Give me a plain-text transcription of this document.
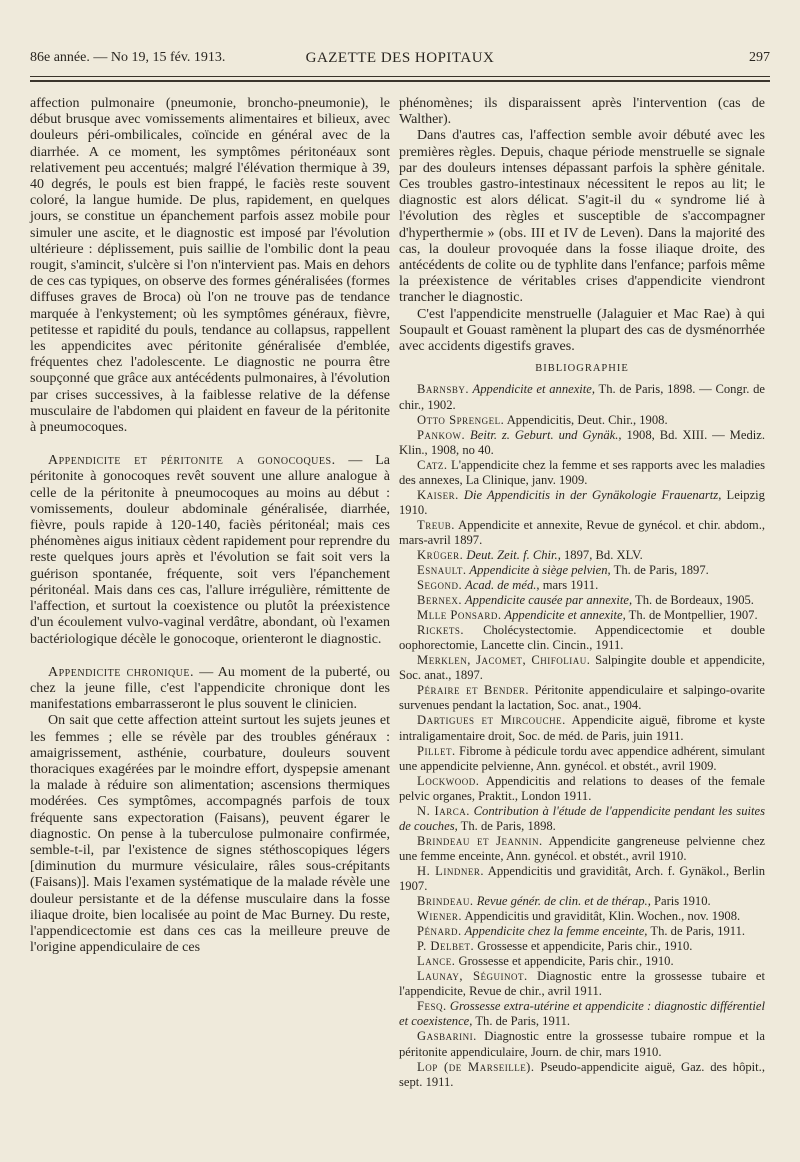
86e année. — No 19, 15 fév. 1913.	GAZETTE DES HOPITAUX	297

affection pulmonaire (pneumonie, broncho-pneumonie), le début brusque avec vomissements alimentaires et bilieux, avec douleurs péri-ombilicales, coïncide en général avec de la diarrhée. A ce moment, les symptômes péritonéaux sont relativement peu accentués; malgré l'élévation thermique à 39, 40 degrés, le pouls est bien frappé, le faciès reste souvent coloré, la langue humide. De plus, rapidement, en quelques jours, se constitue un épanchement parfois assez mobile pour simuler une ascite, et le diagnostic est imposé par l'évolution ultérieure : déplissement, puis saillie de l'ombilic dont la peau rougit, s'amincit, s'ulcère si l'on n'intervient pas. Mais en dehors de ces cas typiques, on observe des formes généralisées (formes diffuses graves de Broca) où l'on ne trouve pas de tendance marquée à l'enkystement; où les symptômes généraux, fièvre, petitesse et rapidité du pouls, tendance au collapsus, rappellent les appendicites avec péritonite généralisée d'emblée, fréquentes chez l'adolescente. Le diagnostic ne pourra être soupçonné que grâce aux antécédents pulmonaires, à l'évolution par crises successives, à la faiblesse relative de la défense musculaire de l'abdomen qui plaident en faveur de la péritonite à pneumocoques.

Appendicite et péritonite a gonocoques. — La péritonite à gonocoques revêt souvent une allure analogue à celle de la péritonite à pneumocoques au moins au début : vomissements, douleur abdominale généralisée, diarrhée, fièvre, pouls rapide à 120-140, faciès péritonéal; mais ces phénomènes aigus initiaux cèdent rapidement pour reprendre du reste quelques jours après et l'évolution se fait soit vers la guérison spontanée, fréquente, soit vers l'épanchement péritonéal. Mais dans ces cas, l'allure irrégulière, rémittente de l'affection, et surtout la coexistence ou plutôt la préexistence d'un écoulement vulvo-vaginal verdâtre, abondant, où l'examen bactériologique décèle le gonocoque, orienteront le diagnostic.

Appendicite chronique. — Au moment de la puberté, ou chez la jeune fille, c'est l'appendicite chronique dont les manifestations embarrasseront le plus souvent le clinicien.

On sait que cette affection atteint surtout les sujets jeunes et les femmes ; elle se révèle par des troubles généraux : amaigrissement, asthénie, courbature, douleurs souvent thoraciques exagérées par le moindre effort, dyspepsie amenant la malade à réduire son alimentation; ascensions thermiques modérées. Ces symptômes, accompagnés parfois de toux fréquente sans expectoration (Faisans), peuvent égarer le diagnostic. On pense à la tuberculose pulmonaire confirmée, semble-t-il, par l'existence de signes stéthoscopiques légers [diminution du murmure vésiculaire, râles sous-crépitants (Faisans)]. Mais l'examen systématique de la malade révèle une douleur persistante et de la défense musculaire dans la fosse iliaque droite, bien localisée au point de Mac Burney. Du reste, l'appendicectomie est dans ces cas la meilleure preuve de l'origine appendiculaire de ces

phénomènes; ils disparaissent après l'intervention (cas de Walther).

Dans d'autres cas, l'affection semble avoir débuté avec les premières règles. Depuis, chaque période menstruelle se signale par des douleurs intenses dépassant parfois la sphère génitale. Ces troubles gastro-intestinaux nécessitent le repos au lit; le diagnostic est alors délicat. S'agit-il du « syndrome lié à l'évolution des règles et susceptible de s'accompagner d'hyperthermie » (obs. III et IV de Leven). Dans la majorité des cas, la douleur provoquée dans la fosse iliaque droite, des antécédents de colite ou de typhlite dans l'enfance; parfois même la préexistence de véritables crises d'appendicite viendront trancher le diagnostic.

C'est l'appendicite menstruelle (Jalaguier et Mac Rae) à qui Soupault et Gouast ramènent la plupart des cas de dysménorrhée avec accidents digestifs graves.

BIBLIOGRAPHIE

Barnsby. Appendicite et annexite, Th. de Paris, 1898. — Congr. de chir., 1902.

Otto Sprengel. Appendicitis, Deut. Chir., 1908.

Pankow. Beitr. z. Geburt. und Gynäk., 1908, Bd. XIII. — Mediz. Klin., 1908, no 40.

Catz. L'appendicite chez la femme et ses rapports avec les maladies des annexes, La Clinique, janv. 1909.

Kaiser. Die Appendicitis in der Gynäkologie Frauenartz, Leipzig 1910.

Treub. Appendicite et annexite, Revue de gynécol. et chir. abdom., mars-avril 1897.

Krüger. Deut. Zeit. f. Chir., 1897, Bd. XLV.

Esnault. Appendicite à siège pelvien, Th. de Paris, 1897.

Segond. Acad. de méd., mars 1911.

Bernex. Appendicite causée par annexite, Th. de Bordeaux, 1905.

Mlle Ponsard. Appendicite et annexite, Th. de Montpellier, 1907.

Rickets. Cholécystectomie. Appendicectomie et double oophorectomie, Lancette clin. Cincin., 1911.

Merklen, Jacomet, Chifoliau. Salpingite double et appendicite, Soc. anat., 1897.

Péraire et Bender. Péritonite appendiculaire et salpingo-ovarite survenues pendant la lactation, Soc. anat., 1904.

Dartigues et Mircouche. Appendicite aiguë, fibrome et kyste intraligamentaire droit, Soc. de méd. de Paris, juin 1911.

Pillet. Fibrome à pédicule tordu avec appendice adhérent, simulant une appendicite pelvienne, Ann. gynécol. et obstét., avril 1909.

Lockwood. Appendicitis and relations to deases of the female pelvic organes, Praktit., London 1911.

N. Iarca. Contribution à l'étude de l'appendicite pendant les suites de couches, Th. de Paris, 1898.

Brindeau et Jeannin. Appendicite gangreneuse pelvienne chez une femme enceinte, Ann. gynécol. et obstét., avril 1910.

H. Lindner. Appendicitis und graviditât, Arch. f. Gynäkol., Berlin 1907.

Brindeau. Revue génér. de clin. et de thérap., Paris 1910.

Wiener. Appendicitis und graviditât, Klin. Wochen., nov. 1908.

Pénard. Appendicite chez la femme enceinte, Th. de Paris, 1911.

P. Delbet. Grossesse et appendicite, Paris chir., 1910.

Lance. Grossesse et appendicite, Paris chir., 1910.

Launay, Séguinot. Diagnostic entre la grossesse tubaire et l'appendicite, Revue de chir., avril 1911.

Fesq. Grossesse extra-utérine et appendicite : diagnostic différentiel et coexistence, Th. de Paris, 1911.

Gasbarini. Diagnostic entre la grossesse tubaire rompue et la péritonite appendiculaire, Journ. de chir, mars 1910.

Lop (de Marseille). Pseudo-appendicite aiguë, Gaz. des hôpit., sept. 1911.
